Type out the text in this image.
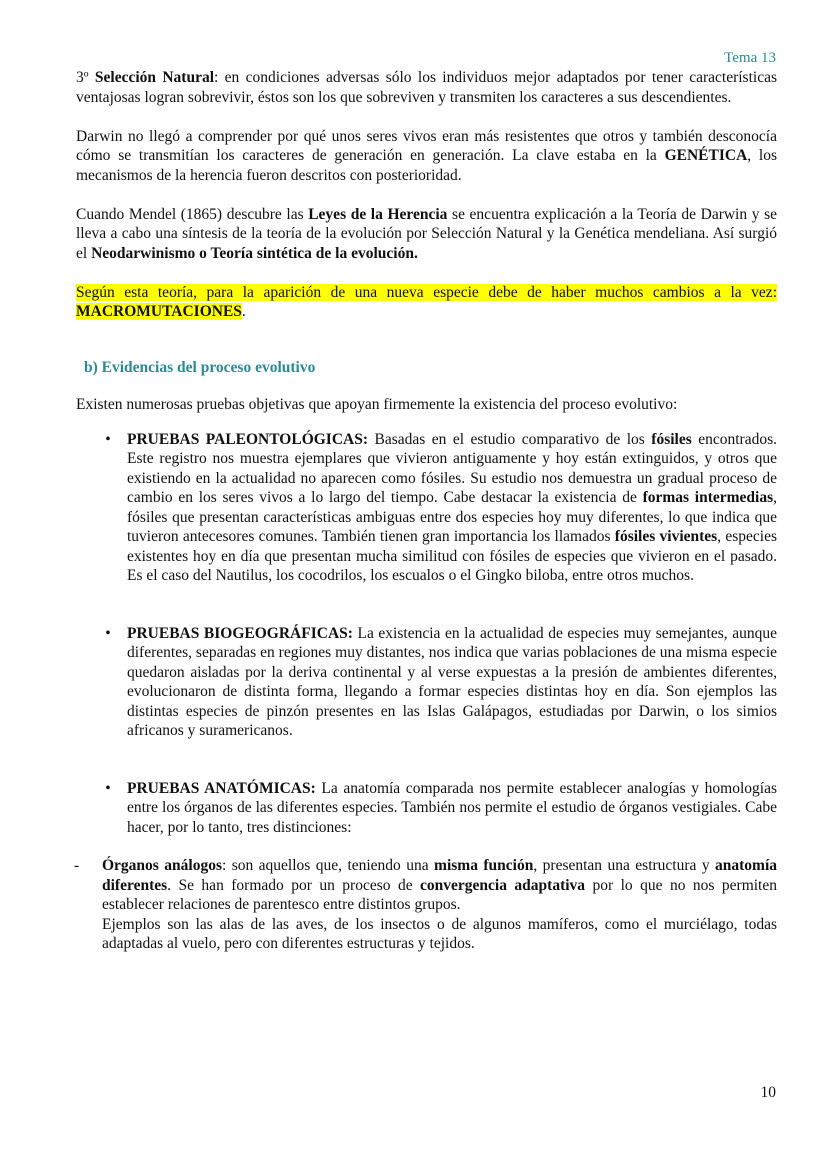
Tema 13

3º Selección Natural: en condiciones adversas sólo los individuos mejor adaptados por tener características ventajosas logran sobrevivir, éstos son los que sobreviven y transmiten los caracteres a sus descendientes.

Darwin no llegó a comprender por qué unos seres vivos eran más resistentes que otros y también desconocía cómo se transmitían los caracteres de generación en generación. La clave estaba en la GENÉTICA, los mecanismos de la herencia fueron descritos con posterioridad.

Cuando Mendel (1865) descubre las Leyes de la Herencia se encuentra explicación a la Teoría de Darwin y se lleva a cabo una síntesis de la teoría de la evolución por Selección Natural y la Genética mendeliana. Así surgió el Neodarwinismo o Teoría sintética de la evolución.

Según esta teoría, para la aparición de una nueva especie debe de haber muchos cambios a la vez: MACROMUTACIONES.

b) Evidencias del proceso evolutivo

Existen numerosas pruebas objetivas que apoyan firmemente la existencia del proceso evolutivo:

• PRUEBAS PALEONTOLÓGICAS: Basadas en el estudio comparativo de los fósiles encontrados. Este registro nos muestra ejemplares que vivieron antiguamente y hoy están extinguidos, y otros que existiendo en la actualidad no aparecen como fósiles. Su estudio nos demuestra un gradual proceso de cambio en los seres vivos a lo largo del tiempo. Cabe destacar la existencia de formas intermedias, fósiles que presentan características ambiguas entre dos especies hoy muy diferentes, lo que indica que tuvieron antecesores comunes. También tienen gran importancia los llamados fósiles vivientes, especies existentes hoy en día que presentan mucha similitud con fósiles de especies que vivieron en el pasado. Es el caso del Nautilus, los cocodrilos, los escualos o el Gingko biloba, entre otros muchos.
• PRUEBAS BIOGEOGRÁFICAS: La existencia en la actualidad de especies muy semejantes, aunque diferentes, separadas en regiones muy distantes, nos indica que varias poblaciones de una misma especie quedaron aisladas por la deriva continental y al verse expuestas a la presión de ambientes diferentes, evolucionaron de distinta forma, llegando a formar especies distintas hoy en día. Son ejemplos las distintas especies de pinzón presentes en las Islas Galápagos, estudiadas por Darwin, o los simios africanos y suramericanos.
• PRUEBAS ANATÓMICAS: La anatomía comparada nos permite establecer analogías y homologías entre los órganos de las diferentes especies. También nos permite el estudio de órganos vestigiales. Cabe hacer, por lo tanto, tres distinciones:
- Órganos análogos: son aquellos que, teniendo una misma función, presentan una estructura y anatomía diferentes. Se han formado por un proceso de convergencia adaptativa por lo que no nos permiten establecer relaciones de parentesco entre distintos grupos.

Ejemplos son las alas de las aves, de los insectos o de algunos mamíferos, como el murciélago, todas adaptadas al vuelo, pero con diferentes estructuras y tejidos.

10
